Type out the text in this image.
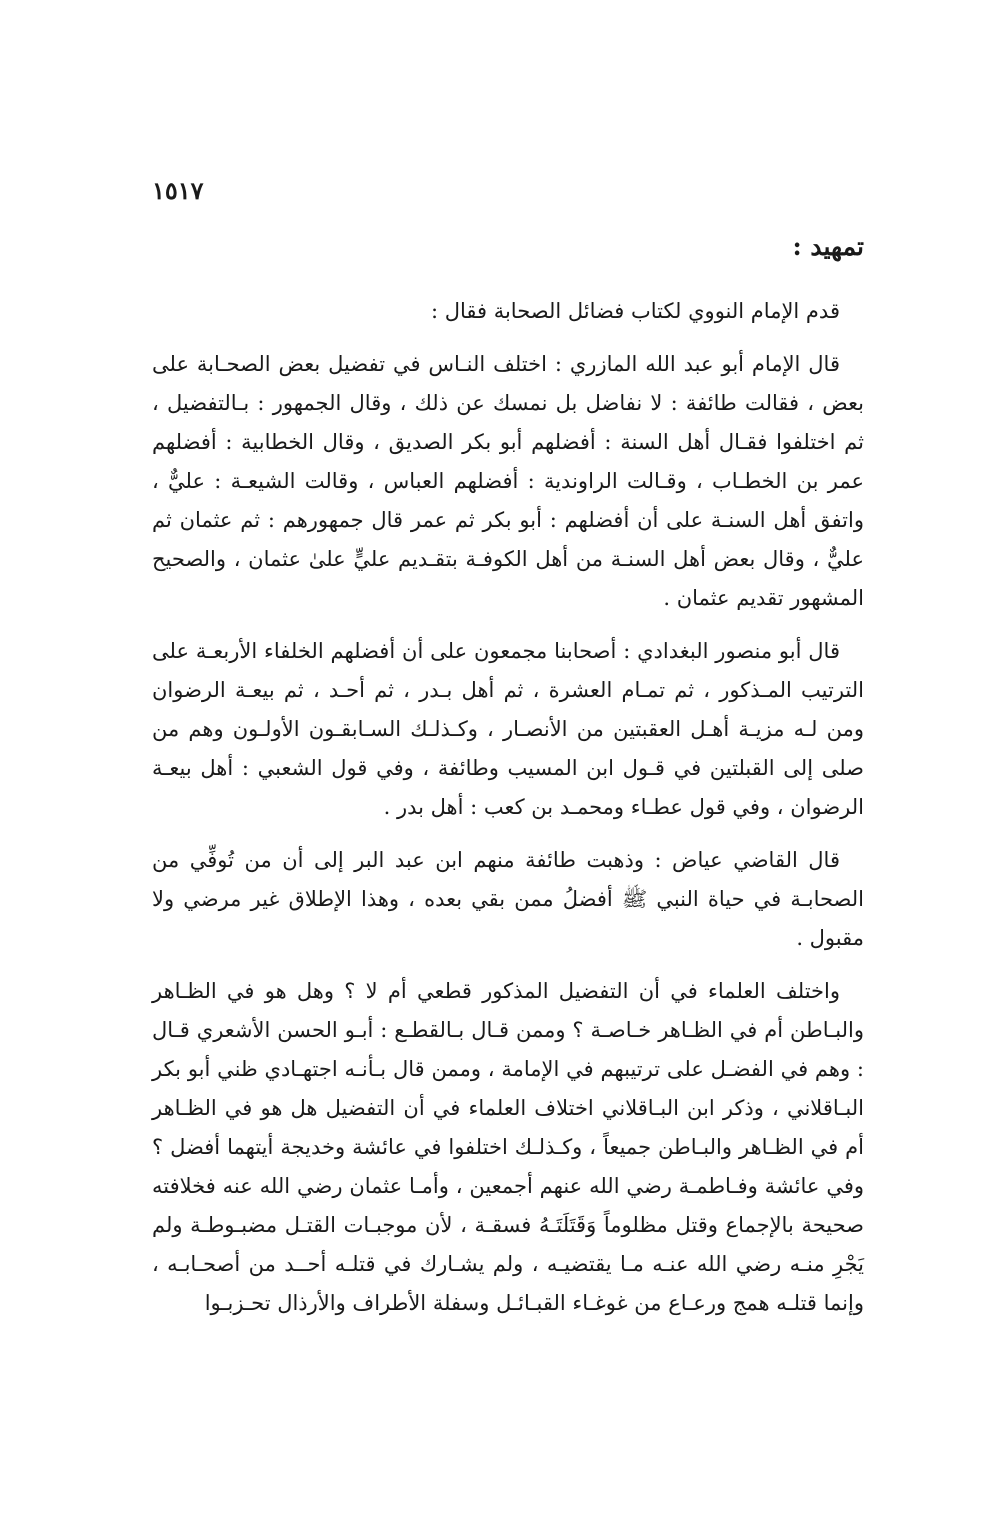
١٥١٧
تمهيد :

قدم الإمام النووي لكتاب فضائل الصحابة فقال :

قال الإمام أبو عبد الله المازري : اختلف النـاس في تفضيل بعض الصحـابة على بعض ، فقالت طائفة : لا نفاضل بل نمسك عن ذلك ، وقال الجمهور : بـالتفضيل ، ثم اختلفوا فقـال أهل السنة : أفضلهم أبو بكر الصديق ، وقال الخطابية : أفضلهم عمر بن الخطـاب ، وقـالت الراوندية : أفضلهم العباس ، وقالت الشيعـة : عليٌّ ، واتفق أهل السنـة على أن أفضلهم : أبو بكر ثم عمر قال جمهورهم : ثم عثمان ثم عليٌّ ، وقال بعض أهل السنـة من أهل الكوفـة بتقـديم عليٍّ علىٰ عثمان ، والصحيح المشهور تقديم عثمان .

قال أبو منصور البغدادي : أصحابنا مجمعون على أن أفضلهم الخلفاء الأربعـة على الترتيب المـذكور ، ثم تمـام العشرة ، ثم أهل بـدر ، ثم أحـد ، ثم بيعـة الرضوان ومن لـه مزيـة أهـل العقبتين من الأنصـار ، وكـذلـك السـابقـون الأولـون وهم من صلى إلى القبلتين في قـول ابن المسيب وطائفة ، وفي قول الشعبي : أهل بيعـة الرضوان ، وفي قول عطـاء ومحمـد بن كعب : أهل بدر .

قال القاضي عياض : وذهبت طائفة منهم ابن عبد البر إلى أن من تُوفِّي من الصحابـة في حياة النبي ﷺ أفضلُ ممن بقي بعده ، وهذا الإطلاق غير مرضي ولا مقبول .

واختلف العلماء في أن التفضيل المذكور قطعي أم لا ؟ وهل هو في الظـاهر والبـاطن أم في الظـاهر خـاصـة ؟ وممن قـال بـالقطـع : أبـو الحسن الأشعري قـال : وهم في الفضـل على ترتيبهم في الإمامة ، وممن قال بـأنـه اجتهـادي ظني أبو بكر البـاقلاني ، وذكر ابن البـاقلاني اختلاف العلماء في أن التفضيل هل هو في الظـاهر أم في الظـاهر والبـاطن جميعاً ، وكـذلـك اختلفوا في عائشة وخديجة أيتهما أفضل ؟ وفي عائشة وفـاطمـة رضي الله عنهم أجمعين ، وأمـا عثمان رضي الله عنه فخلافته صحيحة بالإجماع وقتل مظلوماً وَقَتَلَتَـهُ فسقـة ، لأن موجبـات القتـل مضبـوطـة ولم يَجْرِ منـه رضي الله عنـه مـا يقتضيـه ، ولم يشـارك في قتلـه أحــد من أصحـابـه ، وإنما قتلـه همج ورعـاع من غوغـاء القبـائـل وسفلة الأطراف والأرذال تحـزبـوا
